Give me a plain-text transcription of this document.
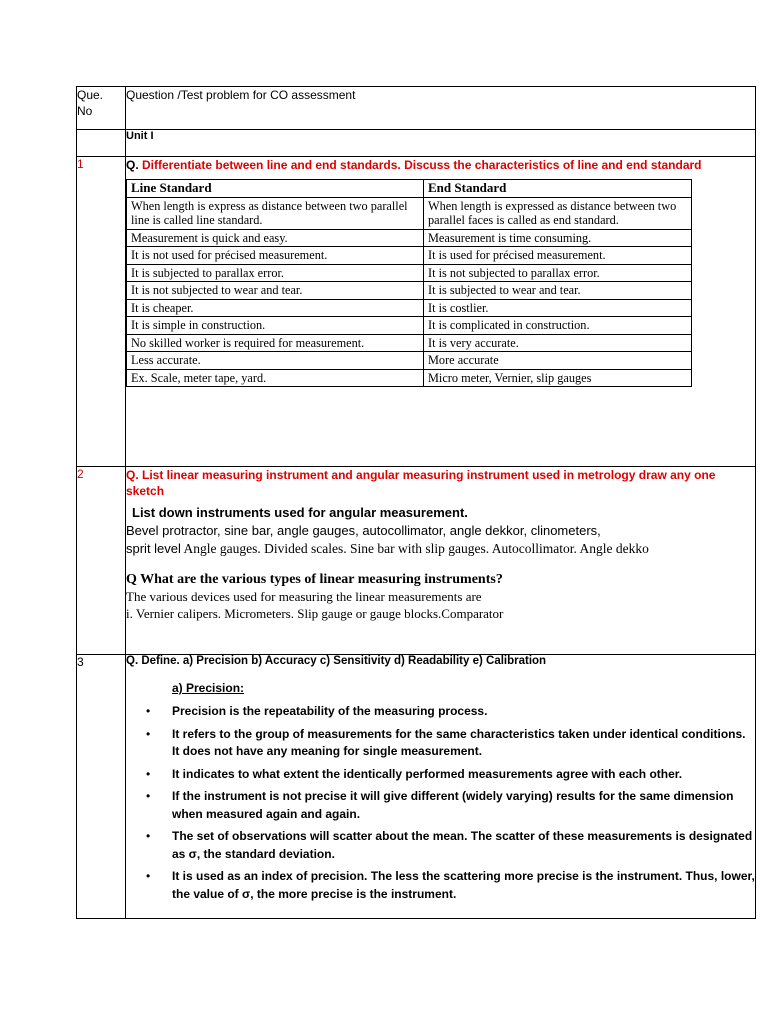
Que.
No
	Question /Test problem for CO assessment
	Unit I
1	Q. Differentiate between line and end standards. Discuss the characteristics of line and end standard
Line Standard	End Standard
When length is express as distance between two parallel line is called line standard.	When length is expressed as distance between two parallel faces is called as end standard.
Measurement is quick and easy.	Measurement is time consuming.
It is not used for précised measurement.	It is used for précised measurement.
It is subjected to parallax error.	It is not subjected to parallax error.
It is not subjected to wear and tear.	It is subjected to wear and tear.
It is cheaper.	It is costlier.
It is simple in construction.	It is complicated in construction.
No skilled worker is required for measurement.	It is very accurate.
Less accurate.	More accurate
Ex. Scale, meter tape, yard.	Micro meter, Vernier, slip gauges

2	Q. List linear measuring instrument and angular measuring instrument used in metrology draw any one sketch
List down instruments used for angular measurement.
Bevel protractor, sine bar, angle gauges, autocollimator, angle dekkor, clinometers,
sprit level Angle gauges. Divided scales. Sine bar with slip gauges. Autocollimator. Angle dekko
Q What are the various types of linear measuring instruments?
The various devices used for measuring the linear measurements are
i. Vernier calipers. Micrometers. Slip gauge or gauge blocks.Comparator

3	Q. Define. a) Precision b) Accuracy c) Sensitivity d) Readability e) Calibration
a) Precision:
• Precision is the repeatability of the measuring process.
• It refers to the group of measurements for the same characteristics taken under identical conditions. It does not have any meaning for single measurement.
• It indicates to what extent the identically performed measurements agree with each other.
• If the instrument is not precise it will give different (widely varying) results for the same dimension when measured again and again.
• The set of observations will scatter about the mean. The scatter of these measurements is designated as σ, the standard deviation.
• It is used as an index of precision. The less the scattering more precise is the instrument. Thus, lower, the value of σ, the more precise is the instrument.
